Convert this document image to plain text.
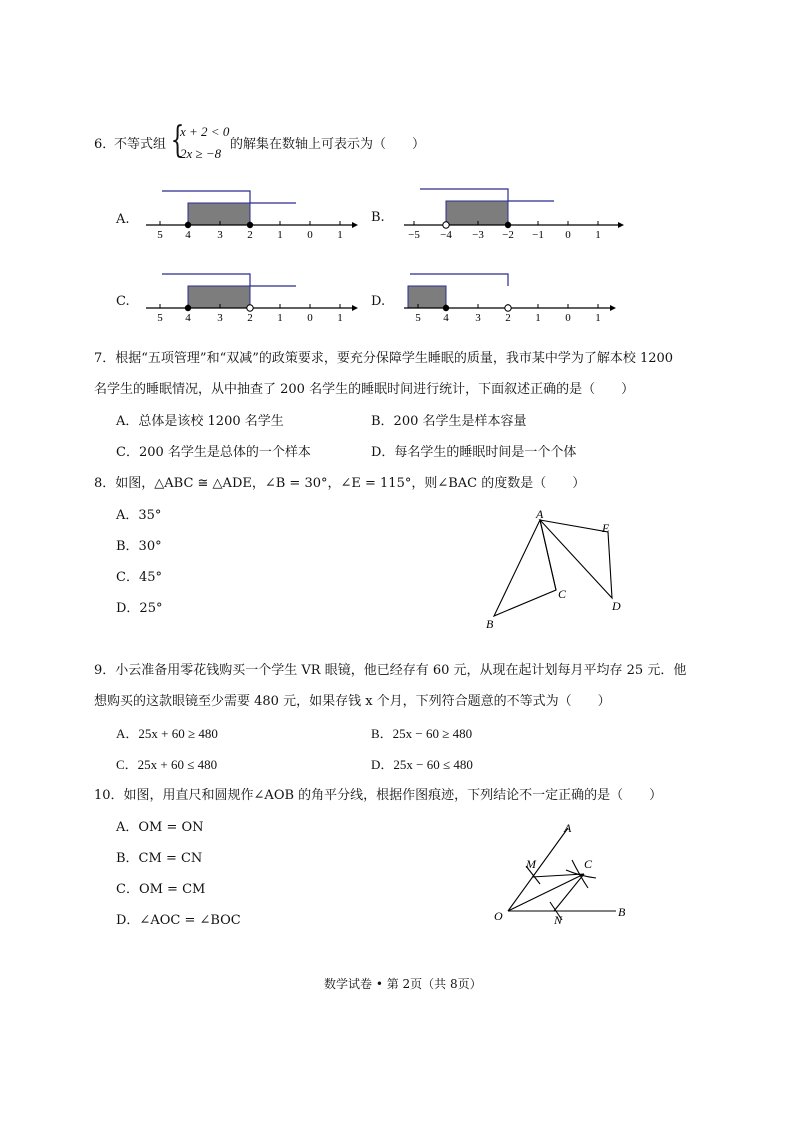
6．
不等式组 {
x + 2 < 0
2x ≥ −8
的解集在数轴上可表示为（　　）
A.	B.
C.	D.
5 4 3 2 1 0 1	−5 −4 −3 −2 −1 0 1
5 4 3 2 1 0 1	5 4 3 2 1 0 1
7．根据“五项管理”和“双减”的政策要求，要充分保障学生睡眠的质量，我市某中学为了解本校 1200
名学生的睡眠情况，从中抽查了 200 名学生的睡眠时间进行统计，下面叙述正确的是（　　）
A．总体是该校 1200 名学生	B．200 名学生是样本容量
C．200 名学生是总体的一个样本	D．每名学生的睡眠时间是一个个体
8．如图，△ABC ≅ △ADE，∠B = 30°，∠E = 115°，则∠BAC 的度数是（　　）
A．35°
B．30°
C．45°
D．25°
A
E
C
D
B
9．小云准备用零花钱购买一个学生 VR 眼镜，他已经存有 60 元，从现在起计划每月平均存 25 元．他
想购买的这款眼镜至少需要 480 元，如果存钱 x 个月，下列符合题意的不等式为（　　）
A．25x + 60 ≥ 480	B．25x − 60 ≥ 480
C．25x + 60 ≤ 480	D．25x − 60 ≤ 480
10．如图，用直尺和圆规作∠AOB 的角平分线，根据作图痕迹，下列结论不一定正确的是（　　）
A．OM = ON
B．CM = CN
C．OM = CM
D．∠AOC = ∠BOC
A
M	C
O	N
B
数学试卷 • 第 2页（共 8页）
